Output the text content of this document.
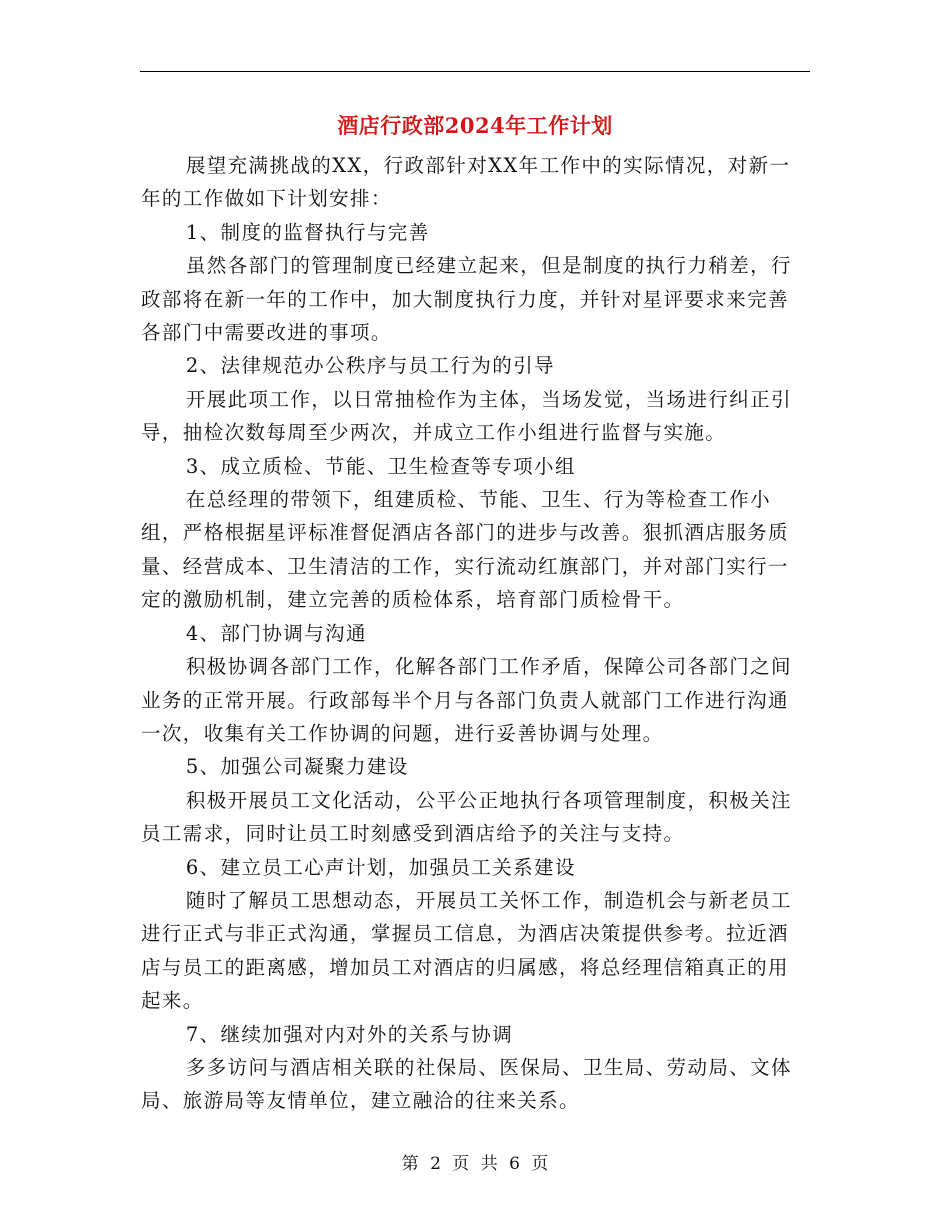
酒店行政部2024年工作计划

展望充满挑战的XX，行政部针对XX年工作中的实际情况，对新一年的工作做如下计划安排：

1、制度的监督执行与完善

虽然各部门的管理制度已经建立起来，但是制度的执行力稍差，行政部将在新一年的工作中，加大制度执行力度，并针对星评要求来完善各部门中需要改进的事项。

2、法律规范办公秩序与员工行为的引导

开展此项工作，以日常抽检作为主体，当场发觉，当场进行纠正引导，抽检次数每周至少两次，并成立工作小组进行监督与实施。

3、成立质检、节能、卫生检查等专项小组

在总经理的带领下，组建质检、节能、卫生、行为等检查工作小组，严格根据星评标准督促酒店各部门的进步与改善。狠抓酒店服务质量、经营成本、卫生清洁的工作，实行流动红旗部门，并对部门实行一定的激励机制，建立完善的质检体系，培育部门质检骨干。

4、部门协调与沟通

积极协调各部门工作，化解各部门工作矛盾，保障公司各部门之间业务的正常开展。行政部每半个月与各部门负责人就部门工作进行沟通一次，收集有关工作协调的问题，进行妥善协调与处理。

5、加强公司凝聚力建设

积极开展员工文化活动，公平公正地执行各项管理制度，积极关注员工需求，同时让员工时刻感受到酒店给予的关注与支持。

6、建立员工心声计划，加强员工关系建设

随时了解员工思想动态，开展员工关怀工作，制造机会与新老员工进行正式与非正式沟通，掌握员工信息，为酒店决策提供参考。拉近酒店与员工的距离感，增加员工对酒店的归属感，将总经理信箱真正的用起来。

7、继续加强对内对外的关系与协调

多多访问与酒店相关联的社保局、医保局、卫生局、劳动局、文体局、旅游局等友情单位，建立融洽的往来关系。

第 2 页 共 6 页
